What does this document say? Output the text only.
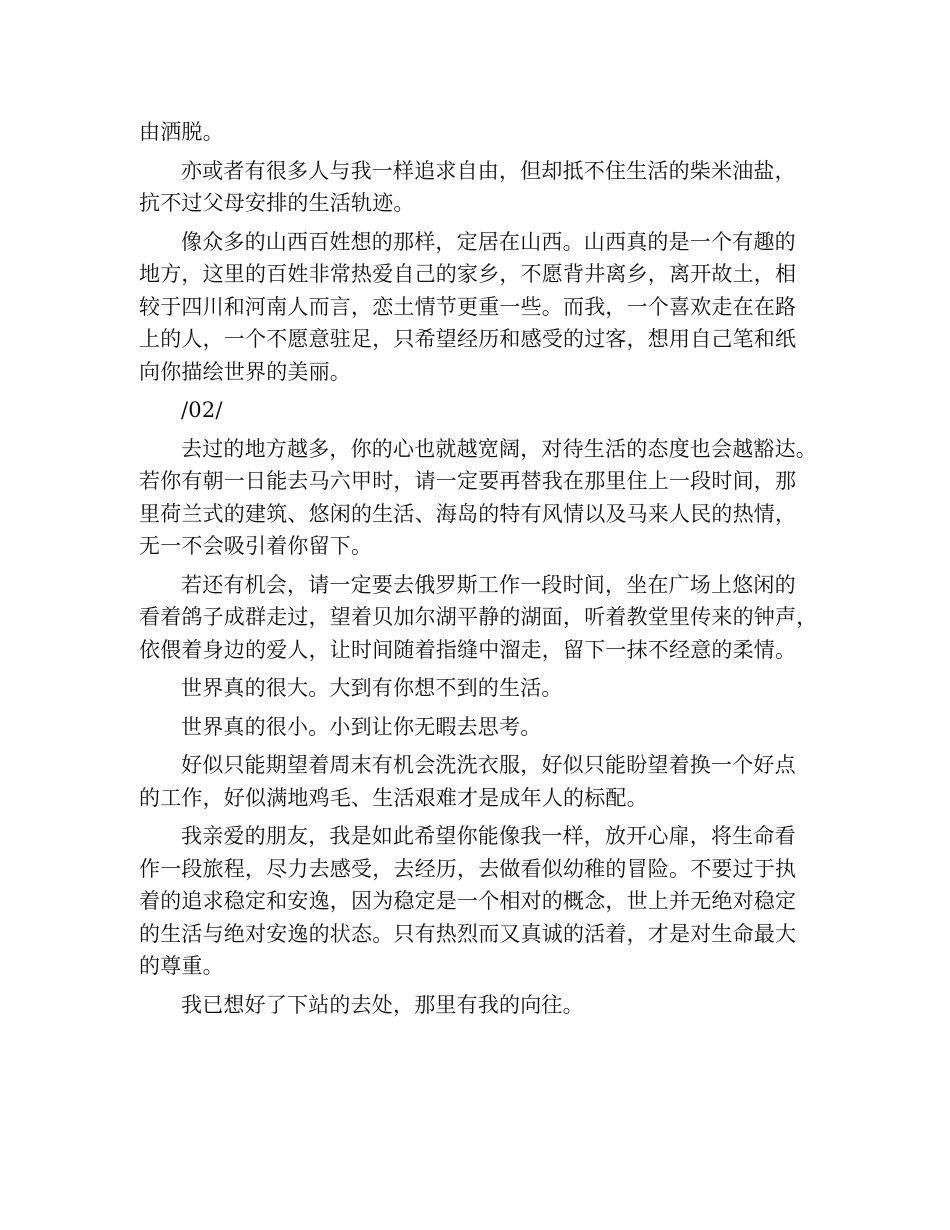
由洒脱。

亦或者有很多人与我一样追求自由，但却抵不住生活的柴米油盐，
抗不过父母安排的生活轨迹。

像众多的山西百姓想的那样，定居在山西。山西真的是一个有趣的
地方，这里的百姓非常热爱自己的家乡，不愿背井离乡，离开故土，相
较于四川和河南人而言，恋土情节更重一些。而我，一个喜欢走在在路
上的人，一个不愿意驻足，只希望经历和感受的过客，想用自己笔和纸
向你描绘世界的美丽。

/02/

去过的地方越多，你的心也就越宽阔，对待生活的态度也会越豁达。
若你有朝一日能去马六甲时，请一定要再替我在那里住上一段时间，那
里荷兰式的建筑、悠闲的生活、海岛的特有风情以及马来人民的热情，
无一不会吸引着你留下。

若还有机会，请一定要去俄罗斯工作一段时间，坐在广场上悠闲的
看着鸽子成群走过，望着贝加尔湖平静的湖面，听着教堂里传来的钟声，
依偎着身边的爱人，让时间随着指缝中溜走，留下一抹不经意的柔情。

世界真的很大。大到有你想不到的生活。

世界真的很小。小到让你无暇去思考。

好似只能期望着周末有机会洗洗衣服，好似只能盼望着换一个好点
的工作，好似满地鸡毛、生活艰难才是成年人的标配。

我亲爱的朋友，我是如此希望你能像我一样，放开心扉，将生命看
作一段旅程，尽力去感受，去经历，去做看似幼稚的冒险。不要过于执
着的追求稳定和安逸，因为稳定是一个相对的概念，世上并无绝对稳定
的生活与绝对安逸的状态。只有热烈而又真诚的活着，才是对生命最大
的尊重。

我已想好了下站的去处，那里有我的向往。
